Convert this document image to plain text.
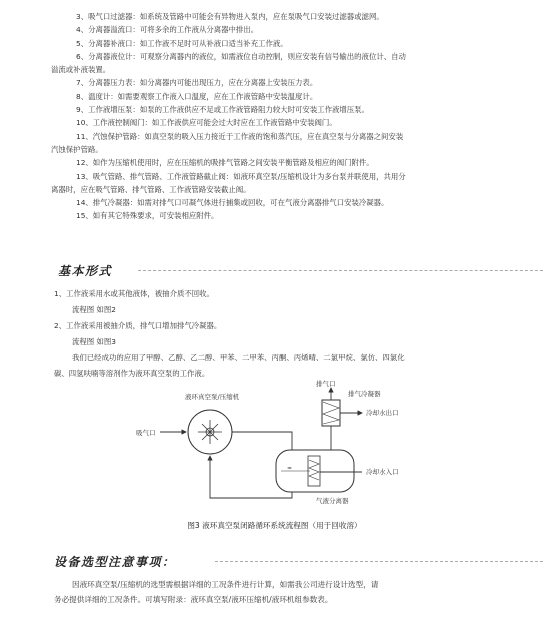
3、吸气口过滤器：如系统及管路中可能会有异物进入泵内，应在泵吸气口安装过滤器或滤网。
4、分离器溢流口：可将多余的工作液从分离器中排出。
5、分离器补液口：如工作液不足时可从补液口适当补充工作液。
6、分离器液位计：可观察分离器内的液位，如需液位自动控制，则应安装有信号输出的液位计、自动
溢流或补液装置。
7、分离器压力表：如分离器内可能出现压力，应在分离器上安装压力表。
8、温度计：如需要观察工作液入口温度，应在工作液管路中安装温度计。
9、工作液增压泵：如泵的工作液供应不足或工作液管路阻力较大时可安装工作液增压泵。
10、工作液控制阀门：如工作液供应可能会过大时应在工作液管路中安装阀门。
11、汽蚀保护管路：如真空泵的吸入压力接近于工作液的饱和蒸汽压，应在真空泵与分离器之间安装
汽蚀保护管路。
12、如作为压缩机使用时，应在压缩机的吸排气管路之间安装平衡管路及相应的阀门附件。
13、吸气管路、排气管路、工作液管路截止阀：如液环真空泵/压缩机设计为多台泵并联使用，共用分
离器时，应在吸气管路、排气管路、工作液管路安装截止阀。
14、排气冷凝器：如需对排气口可凝气体进行捕集或回收，可在气液分离器排气口安装冷凝器。
15、如有其它特殊要求，可安装相应附件。
基本形式
1、工作液采用水或其他液体，被抽介质不回收。
流程图 如图2
2、工作液采用被抽介质，排气口增加排气冷凝器。
流程图 如图3
我们已经成功的应用了甲醇、乙醇、乙二醇、甲苯、二甲苯、丙酮、丙烯晴、二氯甲烷、氯仿、四氯化
碳、四氢呋喃等溶剂作为液环真空泵的工作液。
液环真空泵/压缩机
吸气口
≈
气液分离器
冷却水入口
排气口
排气冷凝器
冷却水出口
图3 液环真空泵闭路循环系统流程图（用于回收溶）
设备选型注意事项：
因液环真空泵/压缩机的选型需根据详细的工况条件进行计算，如需我公司进行设计选型，请
务必提供详细的工况条件。可填写附录：液环真空泵/液环压缩机/液环机组参数表。
